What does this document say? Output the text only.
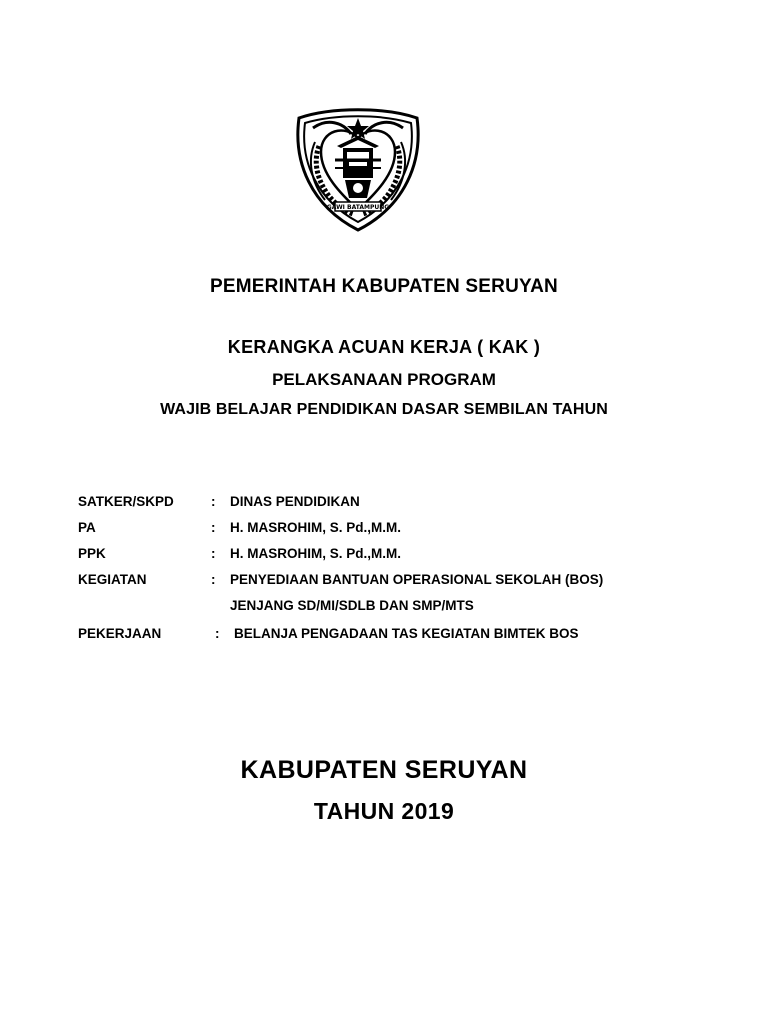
GAWI BATAMPUNG
PEMERINTAH KABUPATEN SERUYAN
KERANGKA ACUAN KERJA ( KAK )
PELAKSANAAN PROGRAM
WAJIB BELAJAR PENDIDIKAN DASAR SEMBILAN TAHUN
SATKER/SKPD	: DINAS PENDIDIKAN
PA	: H. MASROHIM, S. Pd.,M.M.
PPK	: H. MASROHIM, S. Pd.,M.M.
KEGIATAN	: PENYEDIAAN BANTUAN OPERASIONAL SEKOLAH (BOS)
JENJANG SD/MI/SDLB DAN SMP/MTS
PEKERJAAN	: BELANJA PENGADAAN TAS KEGIATAN BIMTEK BOS
KABUPATEN SERUYAN
TAHUN 2019
